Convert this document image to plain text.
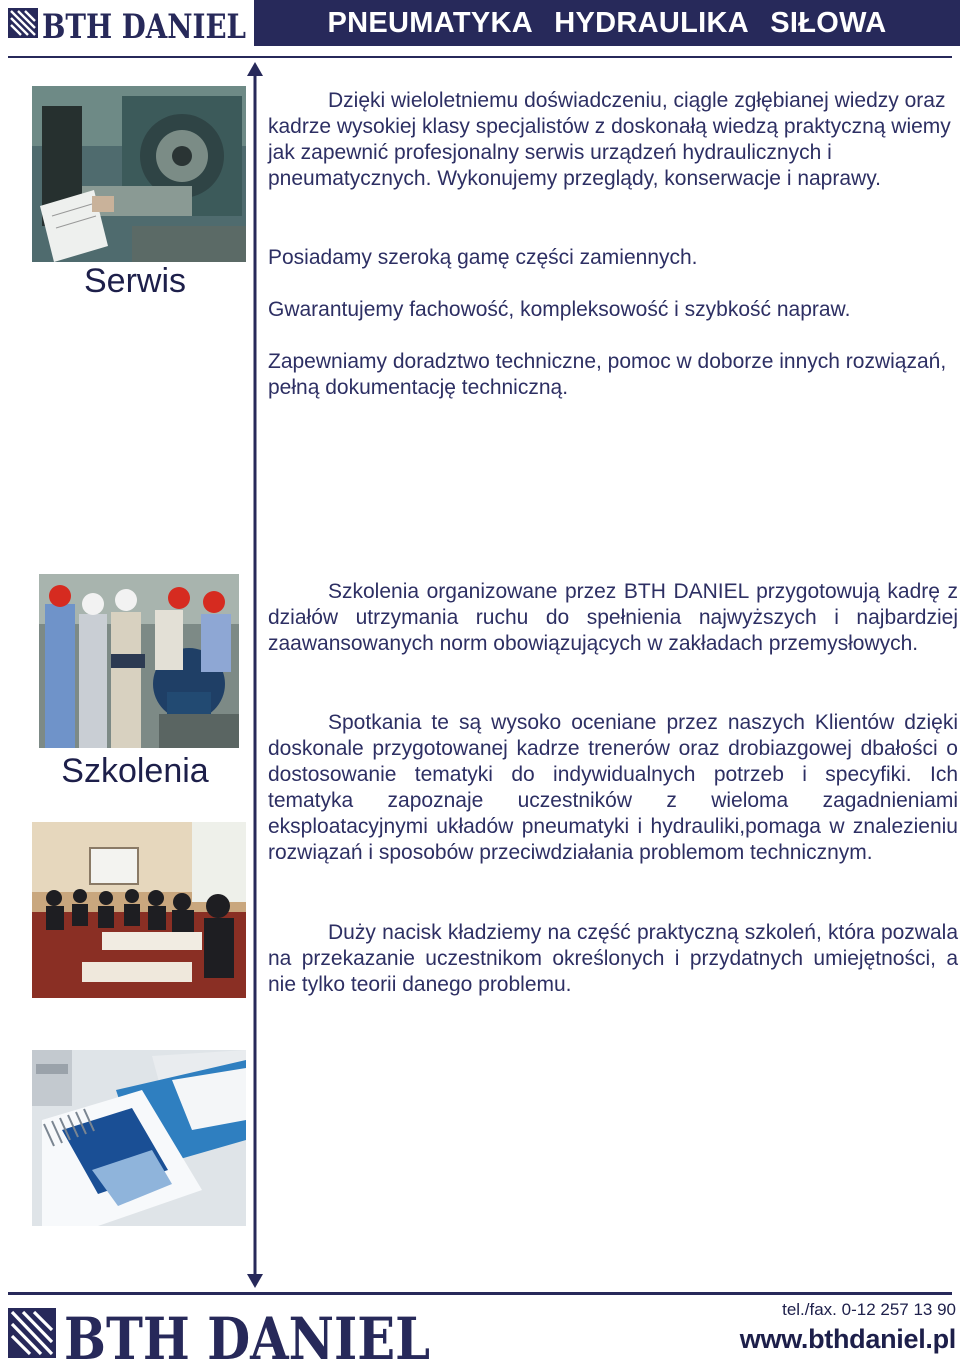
BTH DANIEL	PNEUMATYKA HYDRAULIKA SIŁOWA
Serwis

Dzięki wieloletniemu doświadczeniu, ciągle zgłębianej wiedzy oraz kadrze wysokiej klasy specjalistów z doskonałą wiedzą praktyczną wiemy jak zapewnić profesjonalny serwis urządzeń hydraulicznych i pneumatycznych. Wykonujemy przeglądy, konserwacje i naprawy.

Posiadamy szeroką gamę części zamiennych.

Gwarantujemy fachowość, kompleksowość i szybkość napraw.

Zapewniamy doradztwo techniczne, pomoc w doborze innych rozwiązań, pełną dokumentację techniczną.

Szkolenia

Szkolenia organizowane przez BTH DANIEL przygotowują kadrę z działów utrzymania ruchu do spełnienia najwyższych i najbardziej zaawansowanych norm obowiązujących w zakładach przemysłowych.

Spotkania te są wysoko oceniane przez naszych Klientów dzięki doskonale przygotowanej kadrze trenerów oraz drobiazgowej dbałości o dostosowanie tematyki do indywidualnych potrzeb i specyfiki. Ich tematyka zapoznaje uczestników z wieloma zagadnieniami eksploatacyjnymi układów pneumatyki i hydrauliki,pomaga w znalezieniu rozwiązań i sposobów przeciwdziałania problemom technicznym.

Duży nacisk kładziemy na część praktyczną szkoleń, która pozwala na przekazanie uczestnikom określonych i przydatnych umiejętności, a nie tylko teorii danego problemu.

BTH DANIEL	tel./fax. 0-12 257 13 90
www.bthdaniel.pl
